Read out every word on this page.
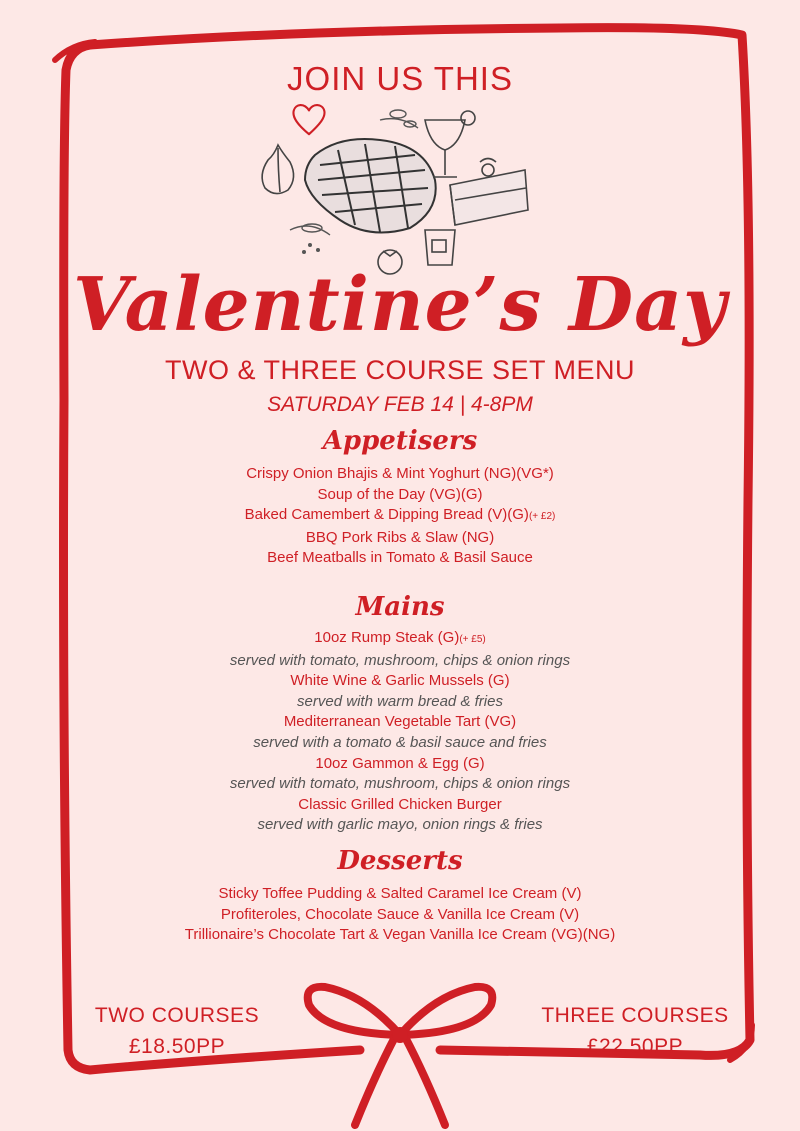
JOIN US THIS
Valentine’s Day
TWO & THREE COURSE SET MENU
SATURDAY FEB 14 | 4-8PM
Appetisers
Crispy Onion Bhajis & Mint Yoghurt (NG)(VG*)
Soup of the Day (VG)(G)
Baked Camembert & Dipping Bread (V)(G)(+ £2)
BBQ Pork Ribs & Slaw (NG)
Beef Meatballs in Tomato & Basil Sauce
Mains
10oz Rump Steak (G)(+ £5)
served with tomato, mushroom, chips & onion rings
White Wine & Garlic Mussels (G)
served with warm bread & fries
Mediterranean Vegetable Tart (VG)
served with a tomato & basil sauce and fries
10oz Gammon & Egg (G)
served with tomato, mushroom, chips & onion rings
Classic Grilled Chicken Burger
served with garlic mayo, onion rings & fries
Desserts
Sticky Toffee Pudding & Salted Caramel Ice Cream (V)
Profiteroles, Chocolate Sauce & Vanilla Ice Cream (V)
Trillionaire’s Chocolate Tart & Vegan Vanilla Ice Cream (VG)(NG)
TWO COURSES
£18.50PP
THREE COURSES
£22.50PP
